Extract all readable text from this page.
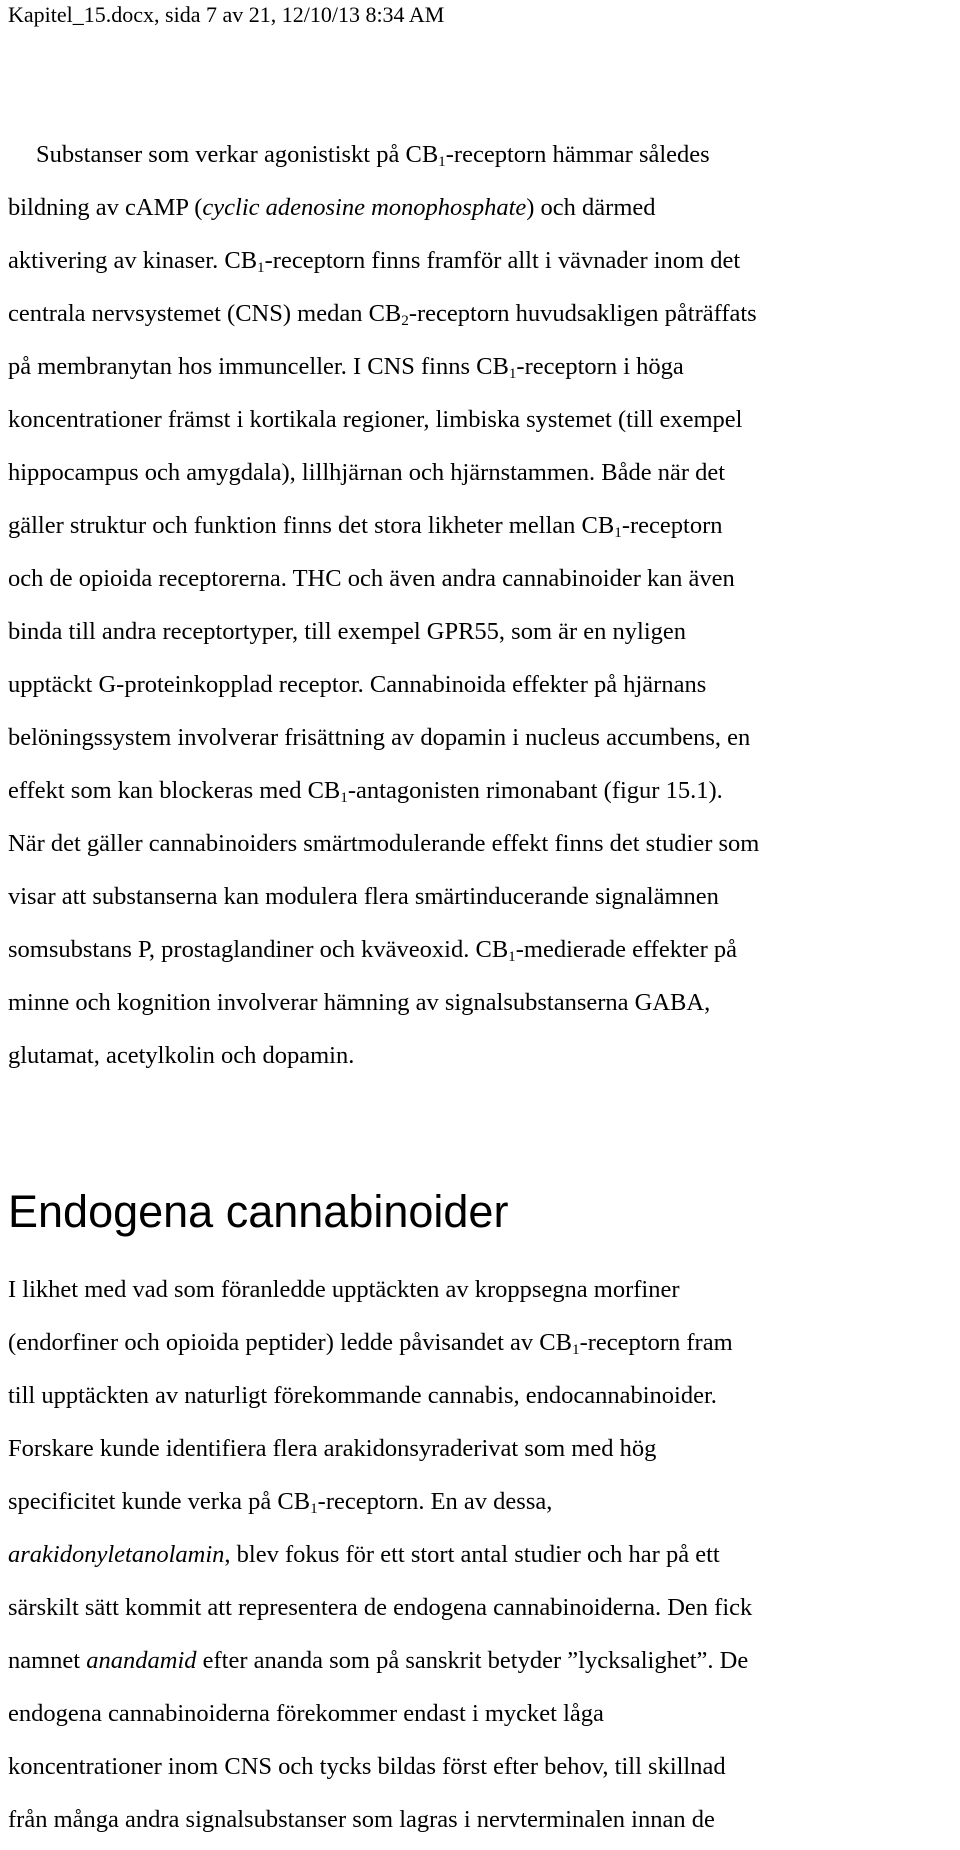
Kapitel_15.docx, sida 7 av 21, 12/10/13 8:34 AM
Substanser som verkar agonistiskt på $CB_1$-receptorn hämmar således
bildning av cAMP (cyclic adenosine monophosphate) och därmed
aktivering av kinaser. $CB_1$-receptorn finns framför allt i vävnader inom det
centrala nervsystemet (CNS) medan $CB_2$-receptorn huvudsakligen påträffats
på membranytan hos immunceller. I CNS finns $CB_1$-receptorn i höga
koncentrationer främst i kortikala regioner, limbiska systemet (till exempel
hippocampus och amygdala), lillhjärnan och hjärnstammen. Både när det
gäller struktur och funktion finns det stora likheter mellan $CB_1$-receptorn
och de opioida receptorerna. THC och även andra cannabinoider kan även
binda till andra receptortyper, till exempel GPR55, som är en nyligen
upptäckt G-proteinkopplad receptor. Cannabinoida effekter på hjärnans
belöningssystem involverar frisättning av dopamin i nucleus accumbens, en
effekt som kan blockeras med $CB_1$-antagonisten rimonabant (figur 15.1).
När det gäller cannabinoiders smärtmodulerande effekt finns det studier som
visar att substanserna kan modulera flera smärtinducerande signalämnen
somsubstans P, prostaglandiner och kväveoxid. $CB_1$-medierade effekter på
minne och kognition involverar hämning av signalsubstanserna GABA,
glutamat, acetylkolin och dopamin.
Endogena cannabinoider
I likhet med vad som föranledde upptäckten av kroppsegna morfiner
(endorfiner och opioida peptider) ledde påvisandet av $CB_1$-receptorn fram
till upptäckten av naturligt förekommande cannabis, endocannabinoider.
Forskare kunde identifiera flera arakidonsyraderivat som med hög
specificitet kunde verka på $CB_1$-receptorn. En av dessa,
arakidonyletanolamin, blev fokus för ett stort antal studier och har på ett
särskilt sätt kommit att representera de endogena cannabinoiderna. Den fick
namnet anandamid efter ananda som på sanskrit betyder ”lycksalighet”. De
endogena cannabinoiderna förekommer endast i mycket låga
koncentrationer inom CNS och tycks bildas först efter behov, till skillnad
från många andra signalsubstanser som lagras i nervterminalen innan de
